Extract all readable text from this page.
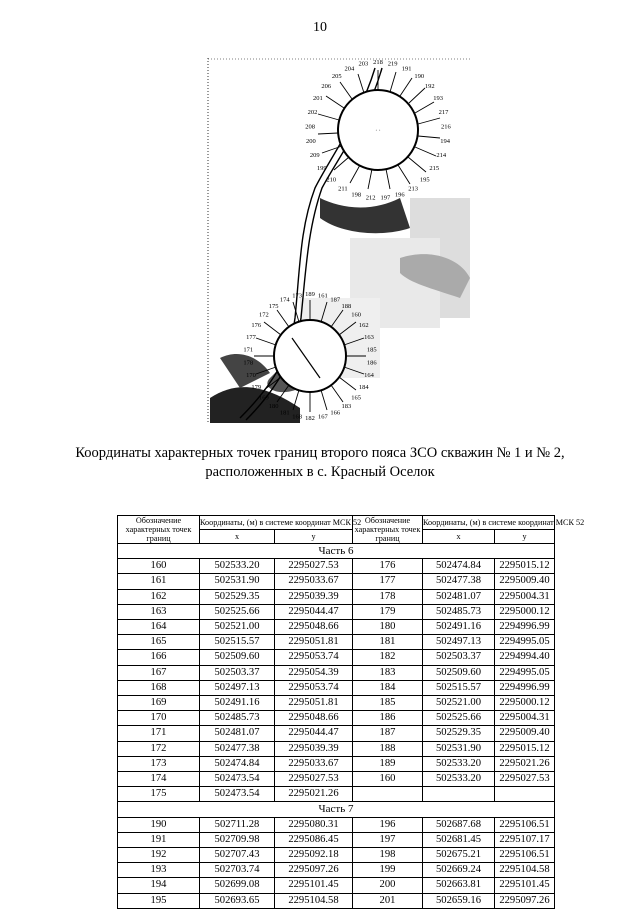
10
· ·
218 219
191
190
192
193
217
216
194
214
215
195
213
196
197
212
198
211
210
199
209
200
208
202
201
206
205
204
203
189 161
187
188
160
162
163
185
186
164
184
165
183
166
167
182
168
181
180
169
179
170
178
171
177
176
172
175
174
173
Координаты характерных точек границ второго пояса ЗСО скважин № 1 и № 2,
расположенных в с. Красный Оселок
Обозначение характерных точек границ	Координаты, (м) в системе координат МСК 52		Обозначение характерных точек границ	Координаты, (м) в системе координат МСК 52	
	x	y		x	y
Часть 6					
160	502533.20	2295027.53	176	502474.84	2295015.12
161	502531.90	2295033.67	177	502477.38	2295009.40
162	502529.35	2295039.39	178	502481.07	2295004.31
163	502525.66	2295044.47	179	502485.73	2295000.12
164	502521.00	2295048.66	180	502491.16	2294996.99
165	502515.57	2295051.81	181	502497.13	2294995.05
166	502509.60	2295053.74	182	502503.37	2294994.40
167	502503.37	2295054.39	183	502509.60	2294995.05
168	502497.13	2295053.74	184	502515.57	2294996.99
169	502491.16	2295051.81	185	502521.00	2295000.12
170	502485.73	2295048.66	186	502525.66	2295004.31
171	502481.07	2295044.47	187	502529.35	2295009.40
172	502477.38	2295039.39	188	502531.90	2295015.12
173	502474.84	2295033.67	189	502533.20	2295021.26
174	502473.54	2295027.53	160	502533.20	2295027.53
175	502473.54	2295021.26			
Часть 7					
190	502711.28	2295080.31	196	502687.68	2295106.51
191	502709.98	2295086.45	197	502681.45	2295107.17
192	502707.43	2295092.18	198	502675.21	2295106.51
193	502703.74	2295097.26	199	502669.24	2295104.58
194	502699.08	2295101.45	200	502663.81	2295101.45
195	502693.65	2295104.58	201	502659.16	2295097.26
